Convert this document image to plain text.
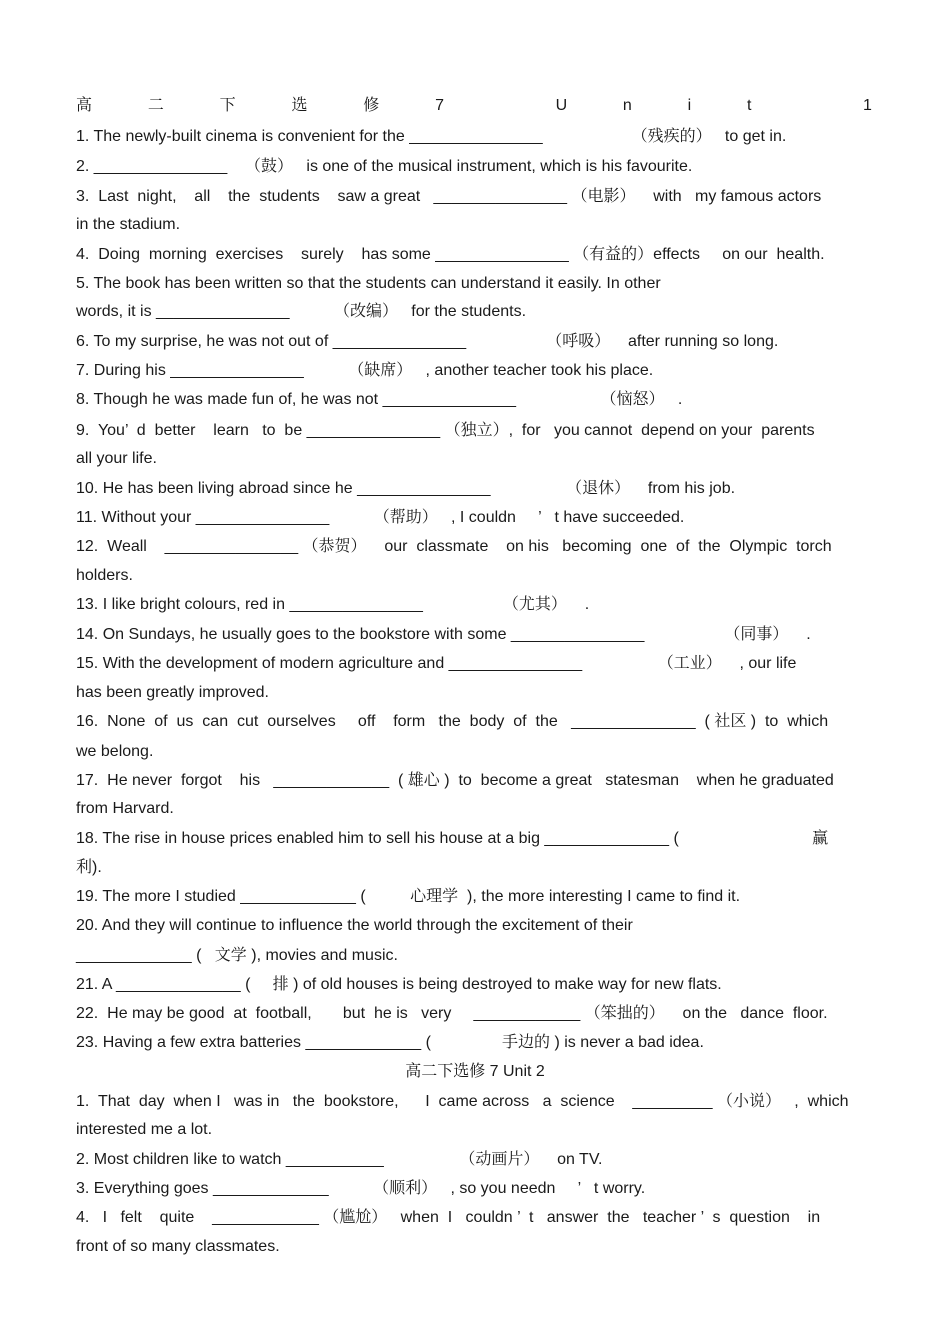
高	二	下	选	修	7	U	n	i	t	1
1. The newly-built cinema is convenient for the _______________                    （残疾的）   to get in.
2. _______________    （鼓）   is one of the musical instrument, which is his favourite.
3.  Last  night,    all    the  students    saw a great   _______________ （电影）    with   my famous actors
in the stadium.
4.  Doing  morning  exercises    surely    has some _______________ （有益的）effects     on our  health.
5. The book has been written so that the students can understand it easily. In other
words, it is _______________          （改编）   for the students.
6. To my surprise, he was not out of _______________                  （呼吸）    after running so long.
7. During his _______________          （缺席）   , another teacher took his place.
8. Though he was made fun of, he was not _______________                   （恼怒）   .
9.  You’  d  better    learn   to  be _______________ （独立）,  for   you cannot  depend on your  parents
all your life.
10. He has been living abroad since he _______________                 （退休）    from his job.
11. Without your _______________          （帮助）   , I couldn     ’   t have succeeded.
12.  Weall    _______________ （恭贺）    our  classmate    on his   becoming  one  of  the  Olympic  torch
holders.
13. I like bright colours, red in _______________                  （尤其）    .
14. On Sundays, he usually goes to the bookstore with some _______________                  （同事）    .
15. With the development of modern agriculture and _______________                 （工业）    , our life
has been greatly improved.
16.  None  of  us  can  cut  ourselves     off    form   the  body  of  the   ______________  ( 社区 )  to  which
we belong.
17.  He never  forgot    his   _____________  ( 雄心 )  to  become a great   statesman    when he graduated
from Harvard.
18. The rise in house prices enabled him to sell his house at a big ______________ (                              赢
利).
19. The more I studied _____________ (          心理学  ), the more interesting I came to find it.
20. And they will continue to influence the world through the excitement of their
_____________ (   文学 ), movies and music.
21. A ______________ (     排 ) of old houses is being destroyed to make way for new flats.
22.  He may be good  at  football,       but  he is   very     ____________ （笨拙的）    on the   dance  floor.
23. Having a few extra batteries _____________ (                手边的 ) is never a bad idea.
高二下选修 7 Unit 2
1.  That  day  when I   was in   the  bookstore,      I  came across   a  science    _________ （小说）   ,  which
interested me a lot.
2. Most children like to watch ___________                 （动画片）    on TV.
3. Everything goes _____________          （顺利）   , so you needn     ’   t worry.
4.   I   felt    quite    ____________ （尴尬）   when  I   couldn ’  t   answer  the   teacher ’  s  question    in
front of so many classmates.
